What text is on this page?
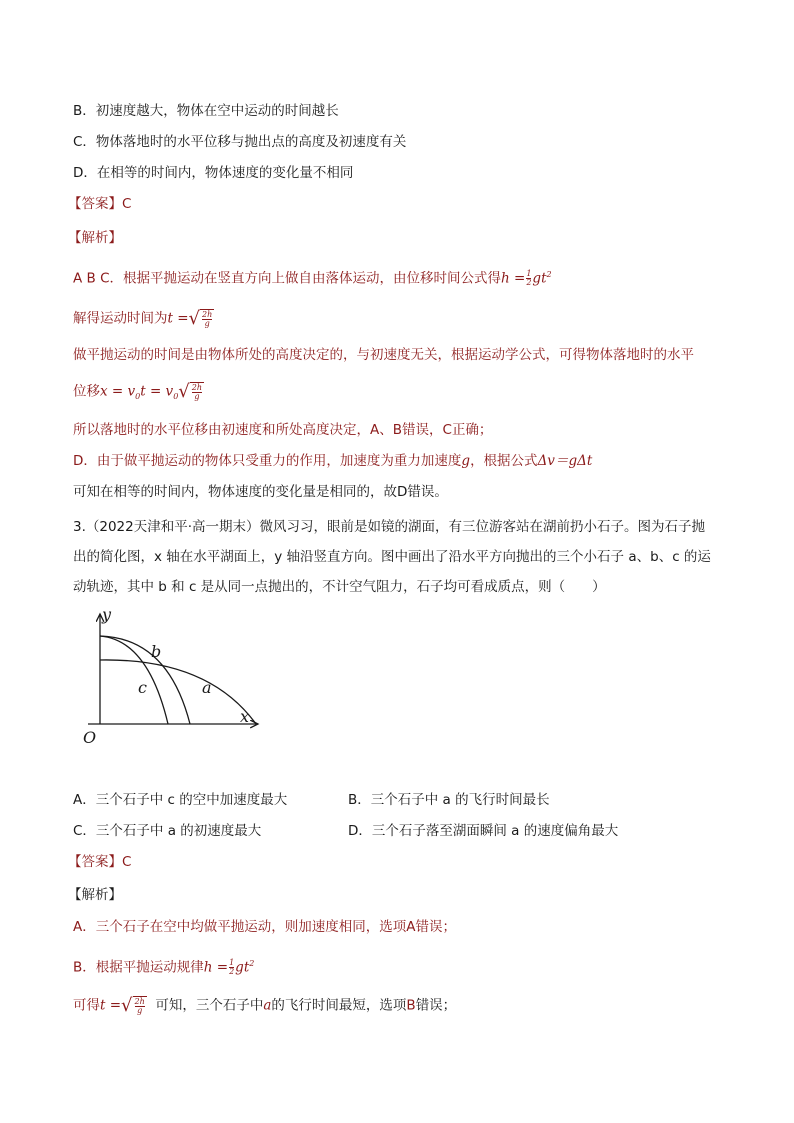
B．初速度越大，物体在空中运动的时间越长
C．物体落地时的水平位移与抛出点的高度及初速度有关
D．在相等的时间内，物体速度的变化量不相同
【答案】C
【解析】
A B C．根据平抛运动在竖直方向上做自由落体运动，由位移时间公式得$h = \frac{1}{2} gt^2$
解得运动时间为t = √ $\frac{2h}{g}$
做平抛运动的时间是由物体所处的高度决定的，与初速度无关，根据运动学公式，可得物体落地时的水平
位移$x = v_0t = v_0$ √ $\frac{2h}{g}$
所以落地时的水平位移由初速度和所处高度决定，A、B错误，C正确；
D．由于做平抛运动的物体只受重力的作用，加速度为重力加速度g，根据公式Δv＝gΔt
可知在相等的时间内，物体速度的变化量是相同的，故D错误。
3.（2022天津和平·高一期末）微风习习，眼前是如镜的湖面，有三位游客站在湖前扔小石子。图为石子抛
出的简化图，x 轴在水平湖面上，y 轴沿竖直方向。图中画出了沿水平方向抛出的三个小石子 a、b、c 的运
动轨迹，其中 b 和 c 是从同一点抛出的，不计空气阻力，石子均可看成质点，则（　　）
y
x
O
b
c	a
A．三个石子中 c 的空中加速度最大	B．三个石子中 a 的飞行时间最长
C．三个石子中 a 的初速度最大	D．三个石子落至湖面瞬间 a 的速度偏角最大
【答案】C
【解析】
A．三个石子在空中均做平抛运动，则加速度相同，选项A错误；
B．根据平抛运动规律$h = \frac{1}{2} gt^2$
可得t = √ $\frac{2h}{g}$ 可知，三个石子中a的飞行时间最短，选项B错误；
